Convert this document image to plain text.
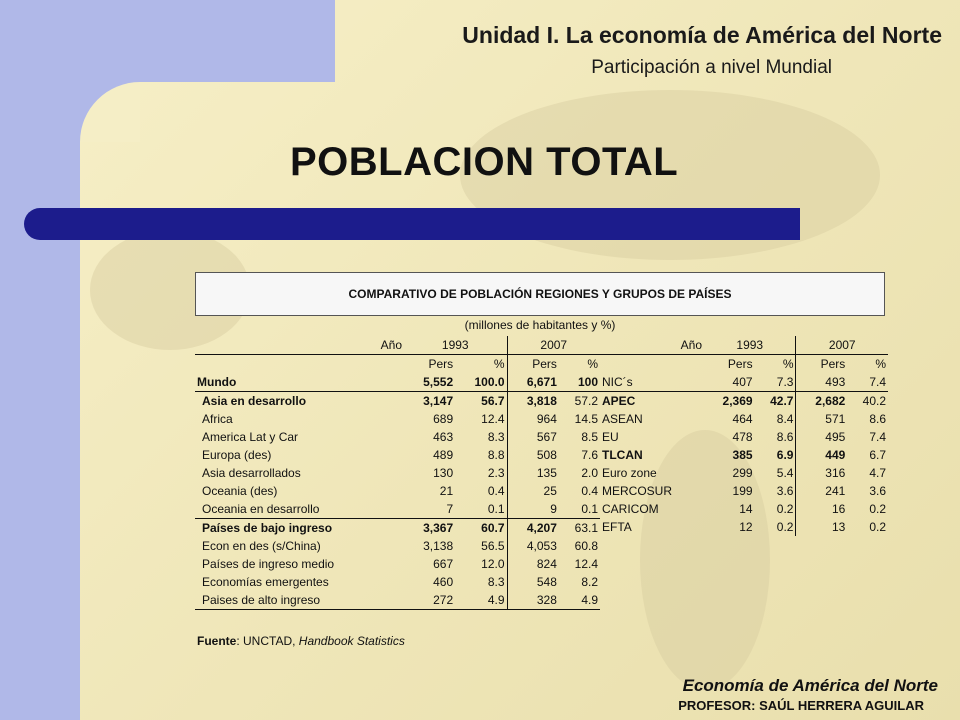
Unidad I. La economía de América del Norte
Participación a nivel Mundial
POBLACION TOTAL
COMPARATIVO DE POBLACIÓN REGIONES Y GRUPOS DE PAÍSES
(millones de habitantes y %)
Año	1993		2007	
	Pers	%	Pers	%
Mundo	5,552	100.0	6,671	100
Asia en desarrollo	3,147	56.7	3,818	57.2
Africa	689	12.4	964	14.5
America Lat y Car	463	8.3	567	8.5
Europa (des)	489	8.8	508	7.6
Asia desarrollados	130	2.3	135	2.0
Oceania (des)	21	0.4	25	0.4
Oceania en desarrollo	7	0.1	9	0.1
Países de bajo ingreso	3,367	60.7	4,207	63.1
Econ en des (s/China)	3,138	56.5	4,053	60.8
Países de ingreso medio	667	12.0	824	12.4
Economías emergentes	460	8.3	548	8.2
Paises de alto ingreso	272	4.9	328	4.9
Año	1993		2007	
	Pers	%	Pers	%
NIC´s	407	7.3	493	7.4
APEC	2,369	42.7	2,682	40.2
ASEAN	464	8.4	571	8.6
EU	478	8.6	495	7.4
TLCAN	385	6.9	449	6.7
Euro zone	299	5.4	316	4.7
MERCOSUR	199	3.6	241	3.6
CARICOM	14	0.2	16	0.2
EFTA	12	0.2	13	0.2
Fuente: UNCTAD, Handbook Statistics
Economía de América del Norte
PROFESOR: SAÚL HERRERA AGUILAR
